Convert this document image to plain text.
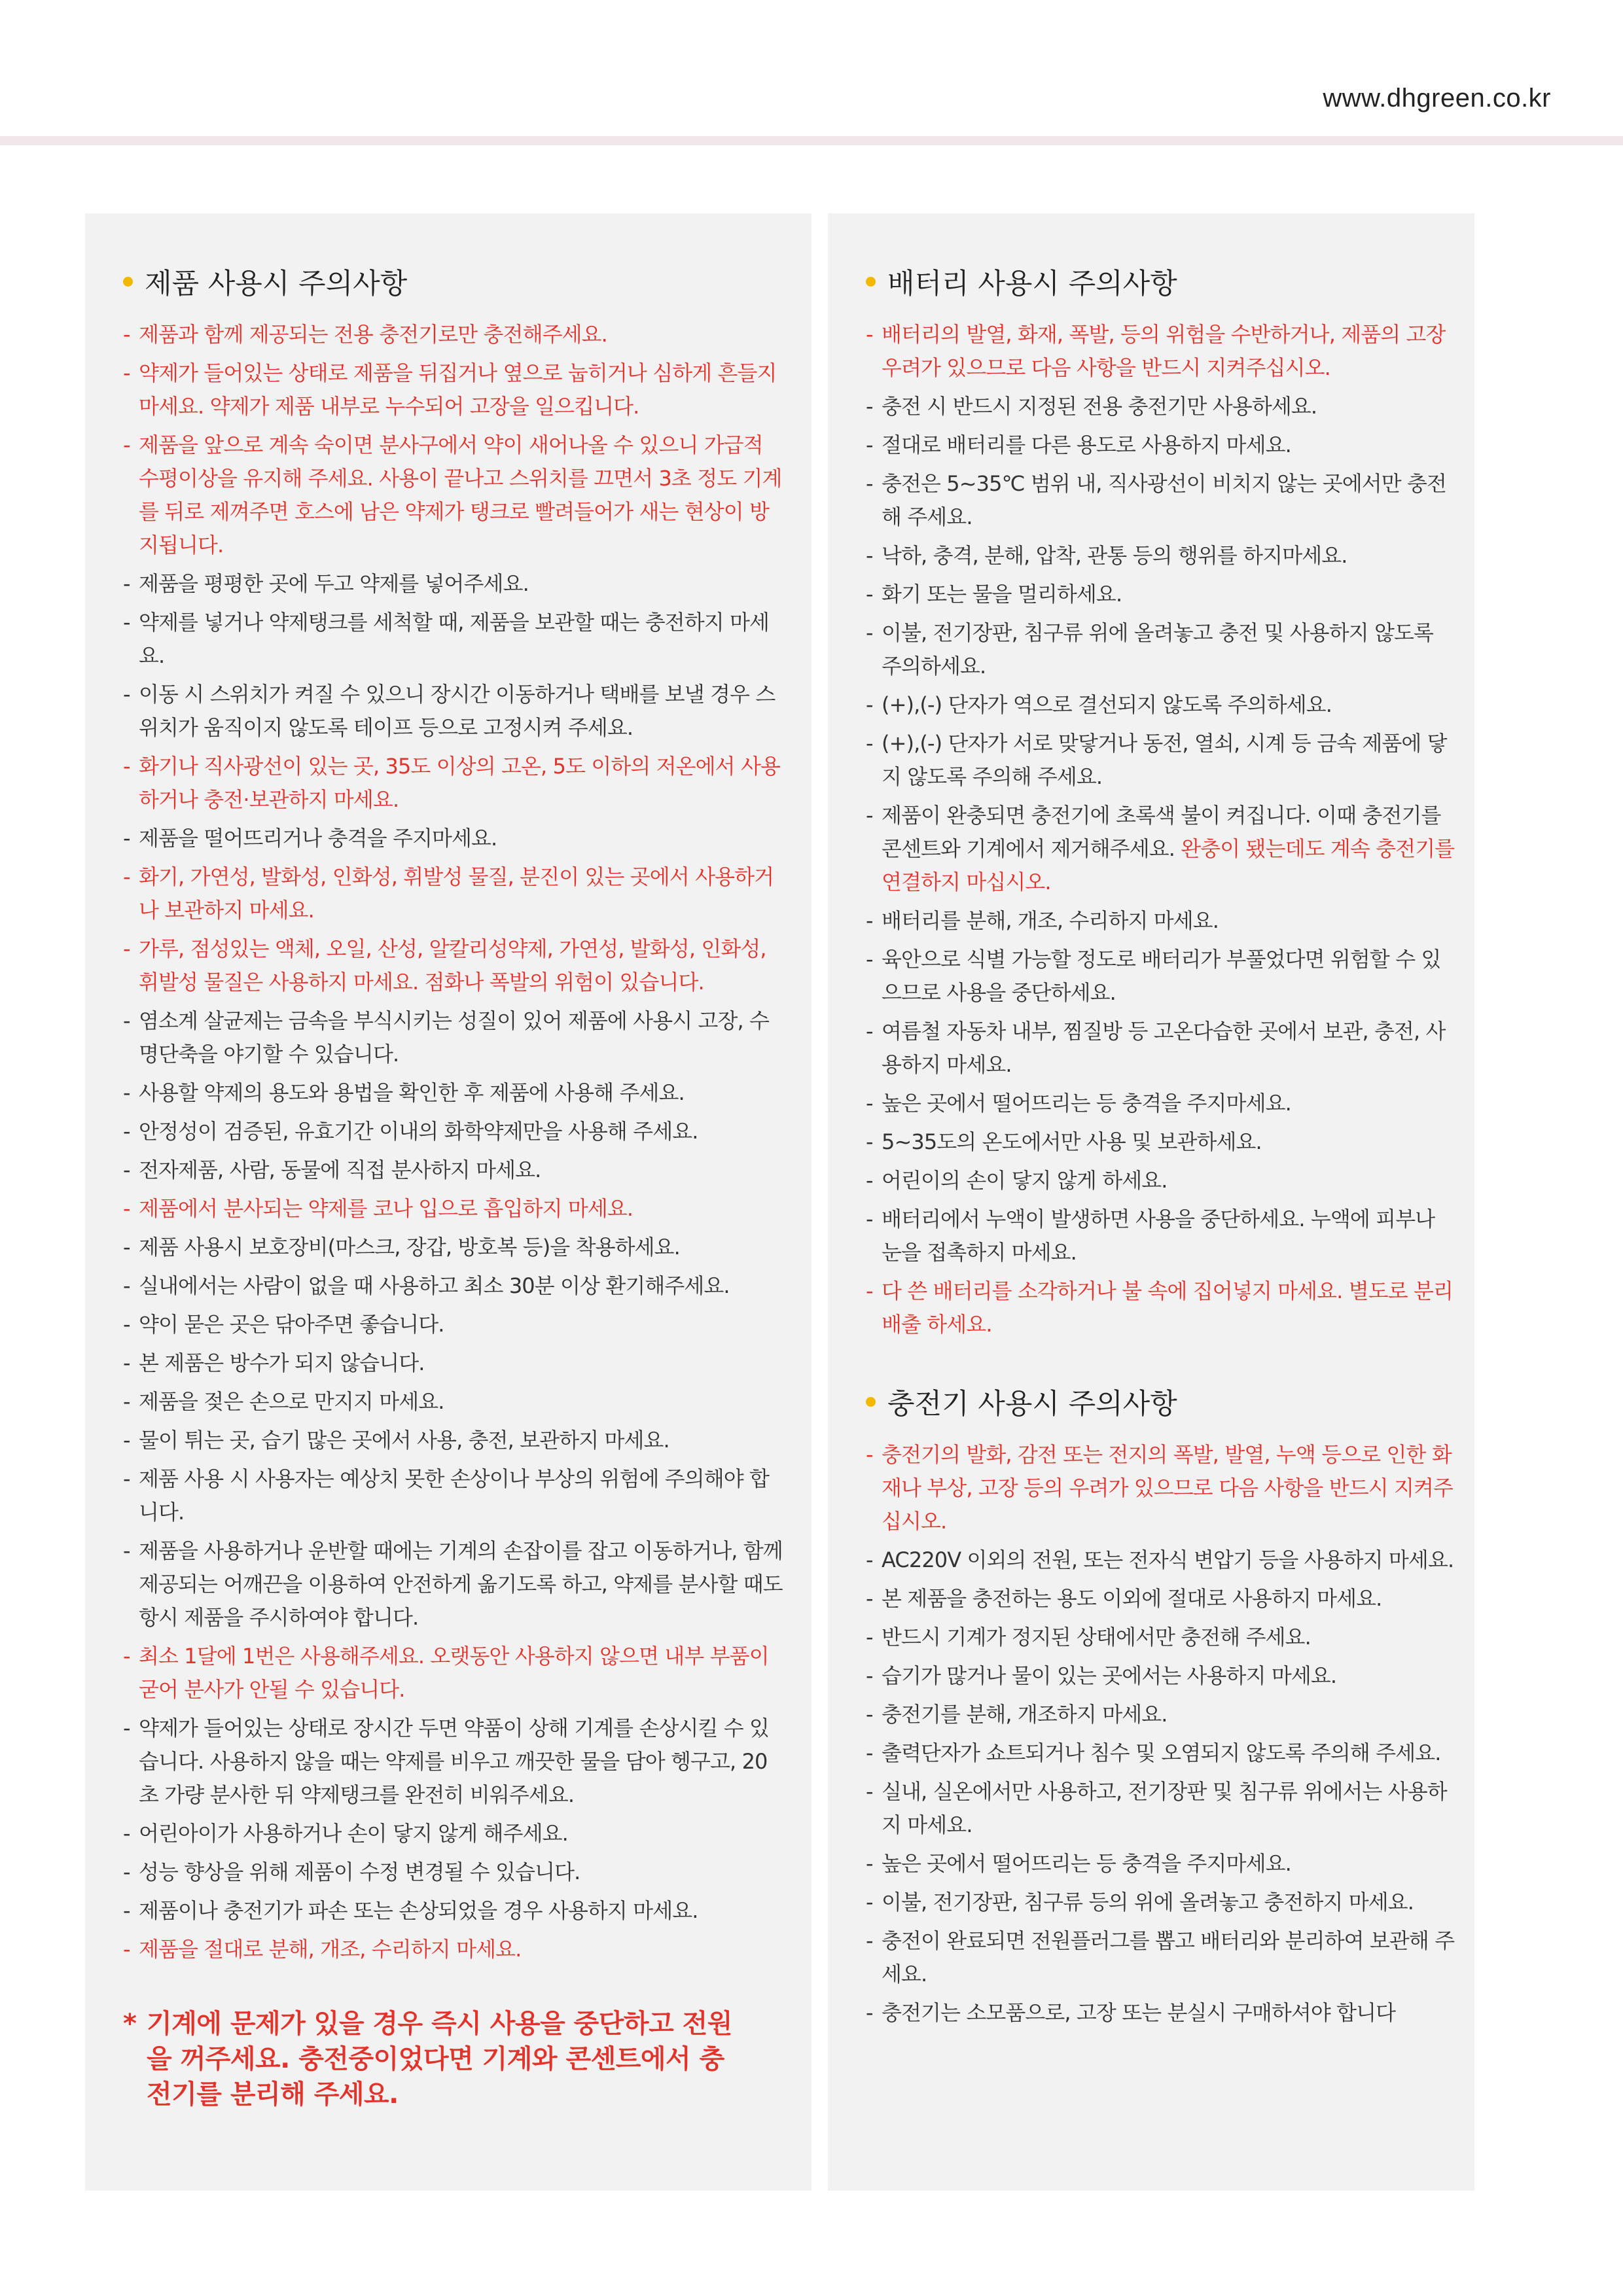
www.dhgreen.co.kr
제품 사용시 주의사항
- 제품과 함께 제공되는 전용 충전기로만 충전해주세요.
- 약제가 들어있는 상태로 제품을 뒤집거나 옆으로 눕히거나 심하게 흔들지 마세요. 약제가 제품 내부로 누수되어 고장을 일으킵니다.
- 제품을 앞으로 계속 숙이면 분사구에서 약이 새어나올 수 있으니 가급적 수평이상을 유지해 주세요. 사용이 끝나고 스위치를 끄면서 3초 정도 기계를 뒤로 제껴주면 호스에 남은 약제가 탱크로 빨려들어가 새는 현상이 방지됩니다.
- 제품을 평평한 곳에 두고 약제를 넣어주세요.
- 약제를 넣거나 약제탱크를 세척할 때, 제품을 보관할 때는 충전하지 마세요.
- 이동 시 스위치가 켜질 수 있으니 장시간 이동하거나 택배를 보낼 경우 스위치가 움직이지 않도록 테이프 등으로 고정시켜 주세요.
- 화기나 직사광선이 있는 곳, 35도 이상의 고온, 5도 이하의 저온에서 사용하거나 충전·보관하지 마세요.
- 제품을 떨어뜨리거나 충격을 주지마세요.
- 화기, 가연성, 발화성, 인화성, 휘발성 물질, 분진이 있는 곳에서 사용하거나 보관하지 마세요.
- 가루, 점성있는 액체, 오일, 산성, 알칼리성약제, 가연성, 발화성, 인화성, 휘발성 물질은 사용하지 마세요. 점화나 폭발의 위험이 있습니다.
- 염소계 살균제는 금속을 부식시키는 성질이 있어 제품에 사용시 고장, 수명단축을 야기할 수 있습니다.
- 사용할 약제의 용도와 용법을 확인한 후 제품에 사용해 주세요.
- 안정성이 검증된, 유효기간 이내의 화학약제만을 사용해 주세요.
- 전자제품, 사람, 동물에 직접 분사하지 마세요.
- 제품에서 분사되는 약제를 코나 입으로 흡입하지 마세요.
- 제품 사용시 보호장비(마스크, 장갑, 방호복 등)을 착용하세요.
- 실내에서는 사람이 없을 때 사용하고 최소 30분 이상 환기해주세요.
- 약이 묻은 곳은 닦아주면 좋습니다.
- 본 제품은 방수가 되지 않습니다.
- 제품을 젖은 손으로 만지지 마세요.
- 물이 튀는 곳, 습기 많은 곳에서 사용, 충전, 보관하지 마세요.
- 제품 사용 시 사용자는 예상치 못한 손상이나 부상의 위험에 주의해야 합니다.
- 제품을 사용하거나 운반할 때에는 기계의 손잡이를 잡고 이동하거나, 함께 제공되는 어깨끈을 이용하여 안전하게 옮기도록 하고, 약제를 분사할 때도 항시 제품을 주시하여야 합니다.
- 최소 1달에 1번은 사용해주세요. 오랫동안 사용하지 않으면 내부 부품이 굳어 분사가 안될 수 있습니다.
- 약제가 들어있는 상태로 장시간 두면 약품이 상해 기계를 손상시킬 수 있습니다. 사용하지 않을 때는 약제를 비우고 깨끗한 물을 담아 헹구고, 20초 가량 분사한 뒤 약제탱크를 완전히 비워주세요.
- 어린아이가 사용하거나 손이 닿지 않게 해주세요.
- 성능 향상을 위해 제품이 수정 변경될 수 있습니다.
- 제품이나 충전기가 파손 또는 손상되었을 경우 사용하지 마세요.
- 제품을 절대로 분해, 개조, 수리하지 마세요.
* 기계에 문제가 있을 경우 즉시 사용을 중단하고 전원을 꺼주세요. 충전중이었다면 기계와 콘센트에서 충전기를 분리해 주세요.
배터리 사용시 주의사항
- 배터리의 발열, 화재, 폭발, 등의 위험을 수반하거나, 제품의 고장 우려가 있으므로 다음 사항을 반드시 지켜주십시오.
- 충전 시 반드시 지정된 전용 충전기만 사용하세요.
- 절대로 배터리를 다른 용도로 사용하지 마세요.
- 충전은 5~35℃ 범위 내, 직사광선이 비치지 않는 곳에서만 충전해 주세요.
- 낙하, 충격, 분해, 압착, 관통 등의 행위를 하지마세요.
- 화기 또는 물을 멀리하세요.
- 이불, 전기장판, 침구류 위에 올려놓고 충전 및 사용하지 않도록 주의하세요.
- (+),(-) 단자가 역으로 결선되지 않도록 주의하세요.
- (+),(-) 단자가 서로 맞닿거나 동전, 열쇠, 시계 등 금속 제품에 닿지 않도록 주의해 주세요.
- 제품이 완충되면 충전기에 초록색 불이 켜집니다. 이때 충전기를 콘센트와 기계에서 제거해주세요. 완충이 됐는데도 계속 충전기를 연결하지 마십시오.
- 배터리를 분해, 개조, 수리하지 마세요.
- 육안으로 식별 가능할 정도로 배터리가 부풀었다면 위험할 수 있으므로 사용을 중단하세요.
- 여름철 자동차 내부, 찜질방 등 고온다습한 곳에서 보관, 충전, 사용하지 마세요.
- 높은 곳에서 떨어뜨리는 등 충격을 주지마세요.
- 5~35도의 온도에서만 사용 및 보관하세요.
- 어린이의 손이 닿지 않게 하세요.
- 배터리에서 누액이 발생하면 사용을 중단하세요. 누액에 피부나 눈을 접촉하지 마세요.
- 다 쓴 배터리를 소각하거나 불 속에 집어넣지 마세요. 별도로 분리배출 하세요.
충전기 사용시 주의사항
- 충전기의 발화, 감전 또는 전지의 폭발, 발열, 누액 등으로 인한 화재나 부상, 고장 등의 우려가 있으므로 다음 사항을 반드시 지켜주십시오.
- AC220V 이외의 전원, 또는 전자식 변압기 등을 사용하지 마세요.
- 본 제품을 충전하는 용도 이외에 절대로 사용하지 마세요.
- 반드시 기계가 정지된 상태에서만 충전해 주세요.
- 습기가 많거나 물이 있는 곳에서는 사용하지 마세요.
- 충전기를 분해, 개조하지 마세요.
- 출력단자가 쇼트되거나 침수 및 오염되지 않도록 주의해 주세요.
- 실내, 실온에서만 사용하고, 전기장판 및 침구류 위에서는 사용하지 마세요.
- 높은 곳에서 떨어뜨리는 등 충격을 주지마세요.
- 이불, 전기장판, 침구류 등의 위에 올려놓고 충전하지 마세요.
- 충전이 완료되면 전원플러그를 뽑고 배터리와 분리하여 보관해 주세요.
- 충전기는 소모품으로, 고장 또는 분실시 구매하셔야 합니다
